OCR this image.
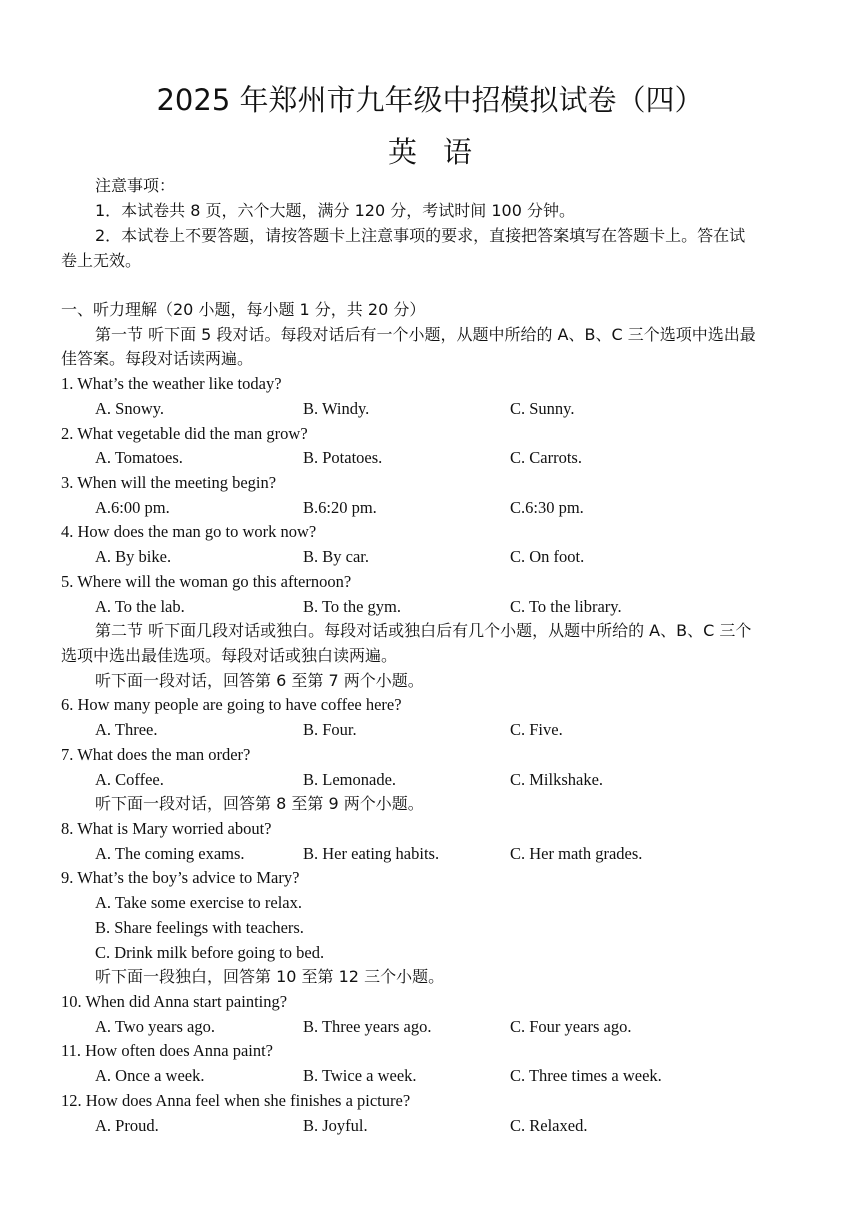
2025 年郑州市九年级中招模拟试卷（四）
英语
注意事项：
1．本试卷共 8 页，六个大题，满分 120 分，考试时间 100 分钟。
2．本试卷上不要答题，请按答题卡上注意事项的要求，直接把答案填写在答题卡上。答在试
卷上无效。
一、听力理解（20 小题，每小题 1 分，共 20 分）
第一节 听下面 5 段对话。每段对话后有一个小题，从题中所给的 A、B、C 三个选项中选出最
佳答案。每段对话读两遍。
1. What’s the weather like today?
A. Snowy.	B. Windy.	C. Sunny.
2. What vegetable did the man grow?
A. Tomatoes.	B. Potatoes.	C. Carrots.
3. When will the meeting begin?
A.6:00 pm.	B.6:20 pm.	C.6:30 pm.
4. How does the man go to work now?
A. By bike.	B. By car.	C. On foot.
5. Where will the woman go this afternoon?
A. To the lab.	B. To the gym.	C. To the library.
第二节 听下面几段对话或独白。每段对话或独白后有几个小题，从题中所给的 A、B、C 三个
选项中选出最佳选项。每段对话或独白读两遍。
听下面一段对话，回答第 6 至第 7 两个小题。
6. How many people are going to have coffee here?
A. Three.	B. Four.	C. Five.
7. What does the man order?
A. Coffee.	B. Lemonade.	C. Milkshake.
听下面一段对话，回答第 8 至第 9 两个小题。
8. What is Mary worried about?
A. The coming exams.	B. Her eating habits.	C. Her math grades.
9. What’s the boy’s advice to Mary?
A. Take some exercise to relax.
B. Share feelings with teachers.
C. Drink milk before going to bed.
听下面一段独白，回答第 10 至第 12 三个小题。
10. When did Anna start painting?
A. Two years ago.	B. Three years ago.	C. Four years ago.
11. How often does Anna paint?
A. Once a week.	B. Twice a week.	C. Three times a week.
12. How does Anna feel when she finishes a picture?
A. Proud.	B. Joyful.	C. Relaxed.
